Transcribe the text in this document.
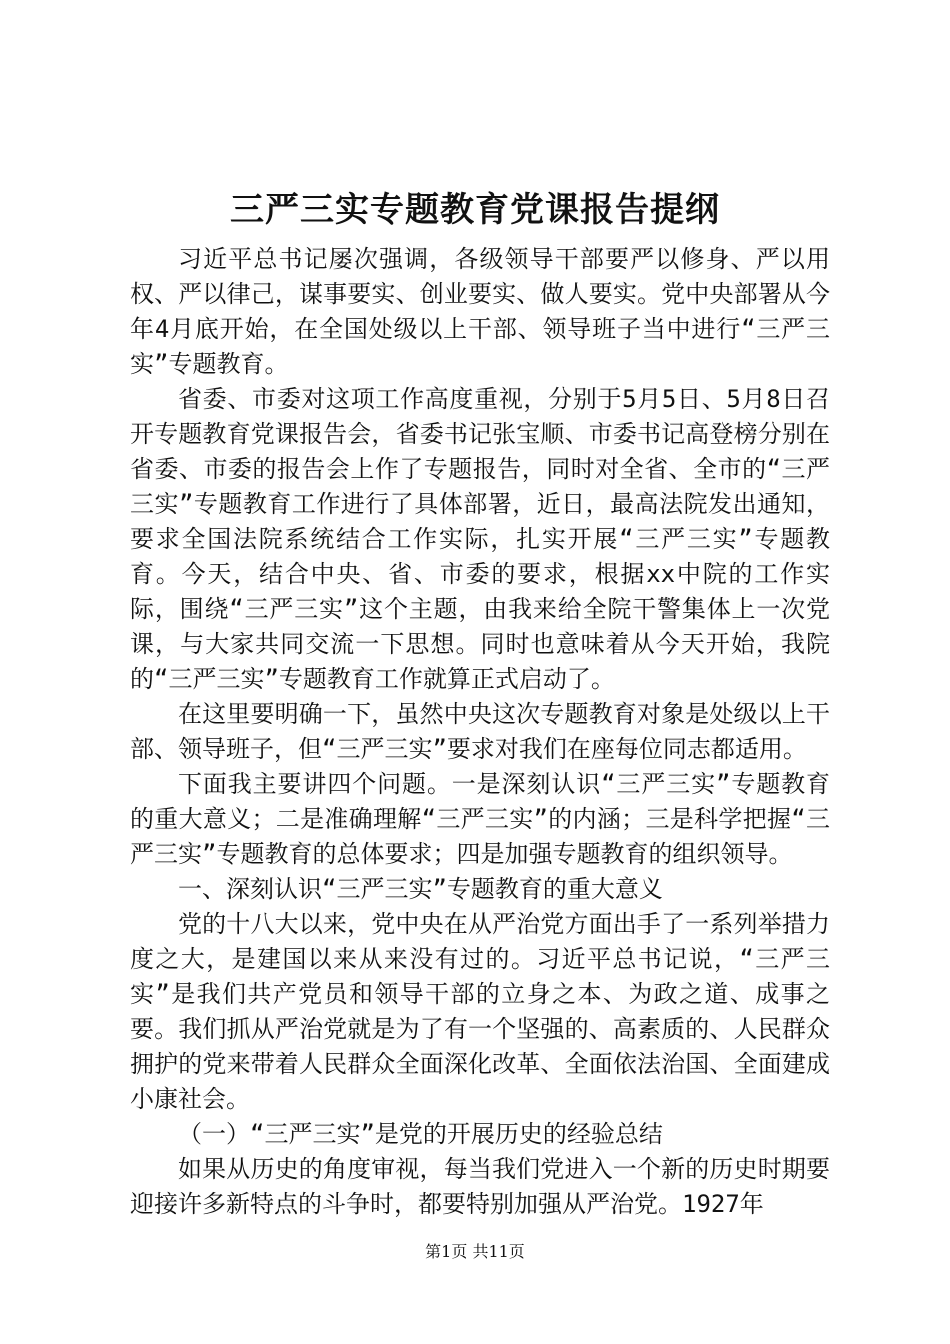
三严三实专题教育党课报告提纲

习近平总书记屡次强调，各级领导干部要严以修身、严以用权、严以律己，谋事要实、创业要实、做人要实。党中央部署从今年4月底开始，在全国处级以上干部、领导班子当中进行“三严三实”专题教育。

省委、市委对这项工作高度重视，分别于5月5日、5月8日召开专题教育党课报告会，省委书记张宝顺、市委书记高登榜分别在省委、市委的报告会上作了专题报告，同时对全省、全市的“三严三实”专题教育工作进行了具体部署，近日，最高法院发出通知，要求全国法院系统结合工作实际，扎实开展“三严三实”专题教育。今天，结合中央、省、市委的要求，根据xx中院的工作实际，围绕“三严三实”这个主题，由我来给全院干警集体上一次党课，与大家共同交流一下思想。同时也意味着从今天开始，我院的“三严三实”专题教育工作就算正式启动了。

在这里要明确一下，虽然中央这次专题教育对象是处级以上干部、领导班子，但“三严三实”要求对我们在座每位同志都适用。

下面我主要讲四个问题。一是深刻认识“三严三实”专题教育的重大意义；二是准确理解“三严三实”的内涵；三是科学把握“三严三实”专题教育的总体要求；四是加强专题教育的组织领导。

一、深刻认识“三严三实”专题教育的重大意义

党的十八大以来，党中央在从严治党方面出手了一系列举措力度之大，是建国以来从来没有过的。习近平总书记说，“三严三实”是我们共产党员和领导干部的立身之本、为政之道、成事之要。我们抓从严治党就是为了有一个坚强的、高素质的、人民群众拥护的党来带着人民群众全面深化改革、全面依法治国、全面建成小康社会。

（一）“三严三实”是党的开展历史的经验总结

如果从历史的角度审视，每当我们党进入一个新的历史时期要迎接许多新特点的斗争时，都要特别加强从严治党。1927年

第1页 共11页
